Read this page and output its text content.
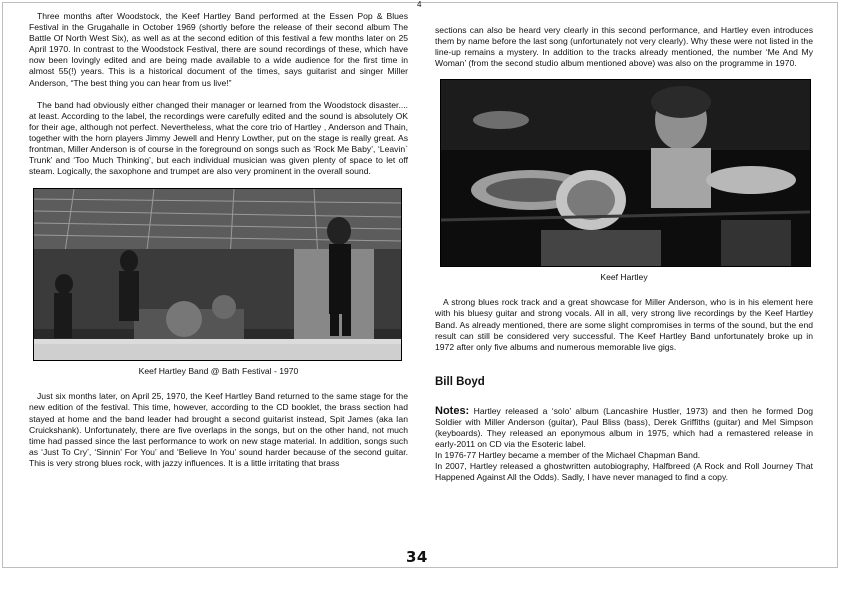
4

Three months after Woodstock, the Keef Hartley Band performed at the Essen Pop & Blues Festival in the Grugahalle in October 1969 (shortly before the release of their second album The Battle Of North West Six), as well as at the second edition of this festival a few months later on 25 April 1970. In contrast to the Woodstock Festival, there are sound recordings of these, which have now been lovingly edited and are being made available to a wide audience for the first time in almost 55(!) years. This is a historical document of the times, says guitarist and singer Miller Anderson, “The best thing you can hear from us live!”

The band had obviously either changed their manager or learned from the Woodstock disaster.... at least. According to the label, the recordings were carefully edited and the sound is absolutely OK for their age, although not perfect. Nevertheless, what the core trio of Hartley , Anderson and Thain, together with the horn players Jimmy Jewell and Henry Lowther, put on the stage is really great. As frontman, Miller Anderson is of course in the foreground on songs such as ‘Rock Me Baby’, ‘Leavin` Trunk’ and ‘Too Much Thinking’, but each individual musician was given plenty of space to let off steam. Logically, the saxophone and trumpet are also very prominent in the overall sound.

Keef Hartley Band @ Bath Festival - 1970

Just six months later, on April 25, 1970, the Keef Hartley Band returned to the same stage for the new edition of the festival. This time, however, according to the CD booklet, the brass section had stayed at home and the band leader had brought a second guitarist instead, Spit James (aka Ian Cruickshank). Unfortunately, there are five overlaps in the songs, but on the other hand, not much time had passed since the last performance to work on new stage material. In addition, songs such as ‘Just To Cry’, ‘Sinnin’ For You’ and ‘Believe In You’ sound harder because of the second guitar. This is very strong blues rock, with jazzy influences. It is a little irritating that brass

sections can also be heard very clearly in this second performance, and Hartley even introduces them by name before the last song (unfortunately not very clearly). Why these were not listed in the line-up remains a mystery. In addition to the tracks already mentioned, the number ‘Me And My Woman’ (from the second studio album mentioned above) was also on the programme in 1970.

Keef Hartley

A strong blues rock track and a great showcase for Miller Anderson, who is in his element here with his bluesy guitar and strong vocals. All in all, very strong live recordings by the Keef Hartley Band. As already mentioned, there are some slight compromises in terms of the sound, but the end result can still be considered very successful. The Keef Hartley Band unfortunately broke up in 1972 after only five albums and numerous memorable live gigs.

Bill Boyd
Notes: Hartley released a ‘solo’ album (Lancashire Hustler, 1973) and then he formed Dog Soldier with Miller Anderson (guitar), Paul Bliss (bass), Derek Griffiths (guitar) and Mel Simpson (keyboards). They released an eponymous album in 1975, which had a remastered release in early-2011 on CD via the Esoteric label.
In 1976-77 Hartley became a member of the Michael Chapman Band.
In 2007, Hartley released a ghostwritten autobiography, Halfbreed (A Rock and Roll Journey That Happened Against All the Odds). Sadly, I have never managed to find a copy.
34
